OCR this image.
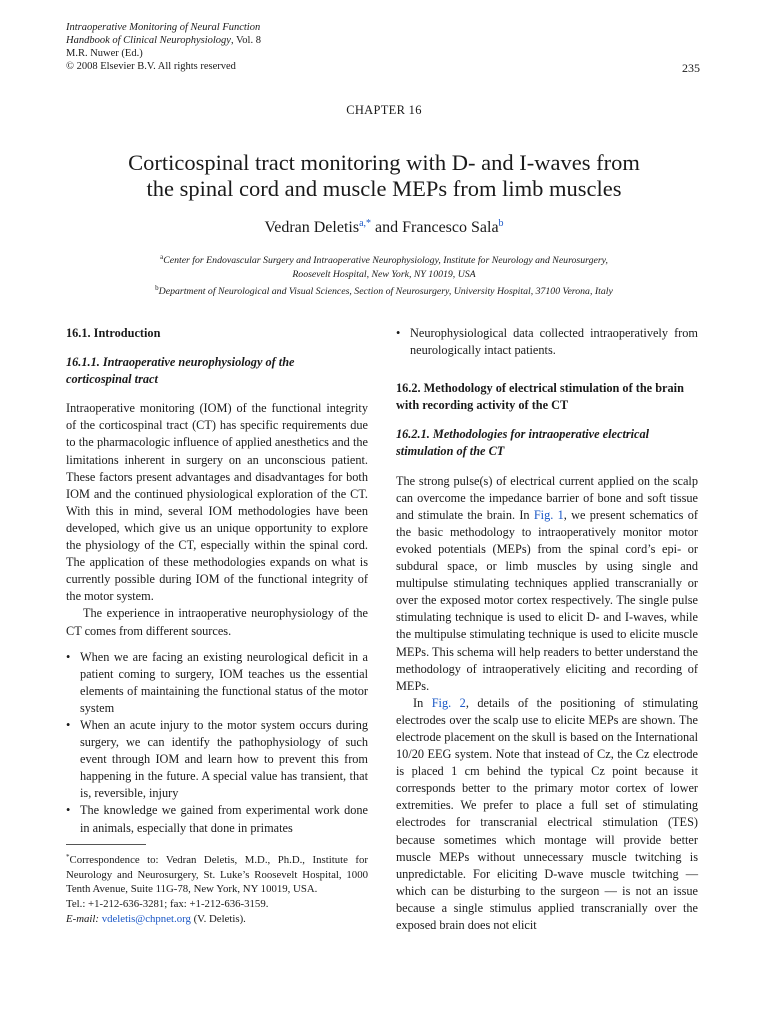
Intraoperative Monitoring of Neural Function
Handbook of Clinical Neurophysiology, Vol. 8
M.R. Nuwer (Ed.)
© 2008 Elsevier B.V. All rights reserved	235
CHAPTER 16
Corticospinal tract monitoring with D- and I-waves from
the spinal cord and muscle MEPs from limb muscles
Vedran Deletis$^{a,*}$ and Francesco Sala$^b$
$^a$Center for Endovascular Surgery and Intraoperative Neurophysiology, Institute for Neurology and Neurosurgery,
Roosevelt Hospital, New York, NY 10019, USA
$^b$Department of Neurological and Visual Sciences, Section of Neurosurgery, University Hospital, 37100 Verona, Italy
16.1. Introduction
16.1.1. Intraoperative neurophysiology of the
corticospinal tract

Intraoperative monitoring (IOM) of the functional integrity of the corticospinal tract (CT) has specific requirements due to the pharmacologic influence of applied anesthetics and the limitations inherent in surgery on an unconscious patient. These factors present advantages and disadvantages for both IOM and the continued physiological exploration of the CT. With this in mind, several IOM methodologies have been developed, which give us an unique opportunity to explore the physiology of the CT, especially within the spinal cord. The application of these methodologies expands on what is currently possible during IOM of the functional integrity of the motor system.

The experience in intraoperative neurophysiology of the CT comes from different sources.

• When we are facing an existing neurological deficit in a patient coming to surgery, IOM teaches us the essential elements of maintaining the functional status of the motor system
• When an acute injury to the motor system occurs during surgery, we can identify the pathophysiology of such event through IOM and learn how to prevent this from happening in the future. A special value has transient, that is, reversible, injury
• The knowledge we gained from experimental work done in animals, especially that done in primates

*Correspondence to: Vedran Deletis, M.D., Ph.D., Institute for Neurology and Neurosurgery, St. Luke’s Roosevelt Hospital, 1000 Tenth Avenue, Suite 11G-78, New York, NY 10019, USA.

Tel.: +1-212-636-3281; fax: +1-212-636-3159.

E-mail: vdeletis@chpnet.org (V. Deletis).

• Neurophysiological data collected intraoperatively from neurologically intact patients.
16.2. Methodology of electrical stimulation of the brain with recording activity of the CT
16.2.1. Methodologies for intraoperative electrical stimulation of the CT

The strong pulse(s) of electrical current applied on the scalp can overcome the impedance barrier of bone and soft tissue and stimulate the brain. In Fig. 1, we present schematics of the basic methodology to intraoperatively monitor motor evoked potentials (MEPs) from the spinal cord’s epi- or subdural space, or limb muscles by using single and multipulse stimulating techniques applied transcranially or over the exposed motor cortex respectively. The single pulse stimulating technique is used to elicit D- and I-waves, while the multipulse stimulating technique is used to elicite muscle MEPs. This schema will help readers to better understand the methodology of intraoperatively eliciting and recording of MEPs.

In Fig. 2, details of the positioning of stimulating electrodes over the scalp use to elicite MEPs are shown. The electrode placement on the skull is based on the International 10/20 EEG system. Note that instead of Cz, the Cz electrode is placed 1 cm behind the typical Cz point because it corresponds better to the primary motor cortex of lower extremities. We prefer to place a full set of stimulating electrodes for transcranial electrical stimulation (TES) because sometimes which montage will provide better muscle MEPs without unnecessary muscle twitching is unpredictable. For eliciting D-wave muscle twitching — which can be disturbing to the surgeon — is not an issue because a single stimulus applied transcranially over the exposed brain does not elicit
